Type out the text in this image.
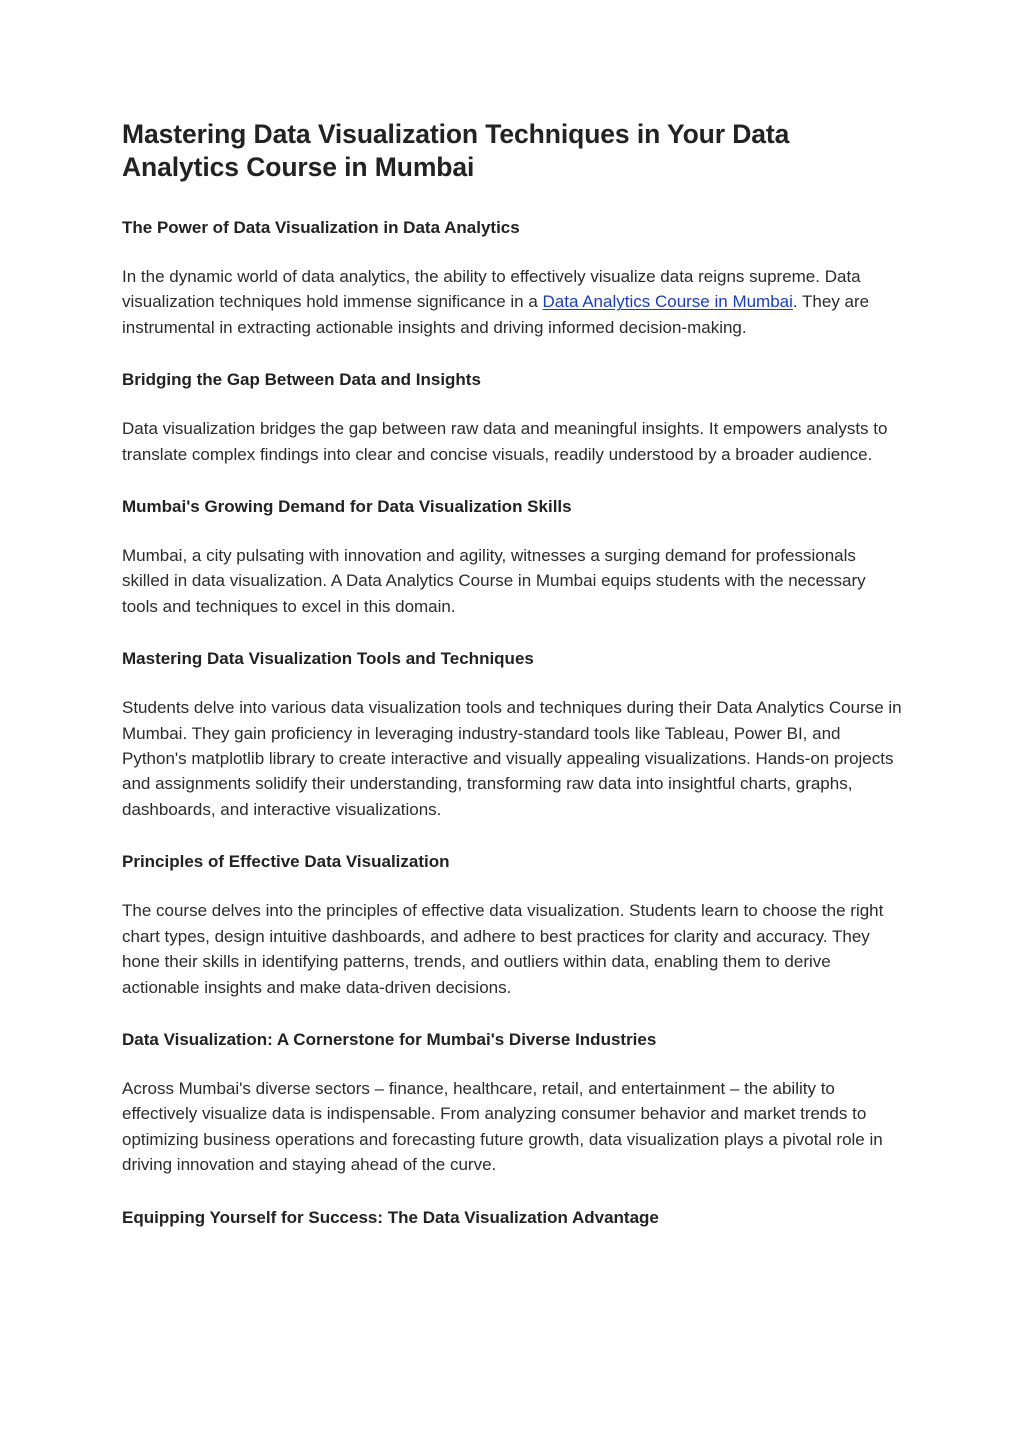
Mastering Data Visualization Techniques in Your Data Analytics Course in Mumbai
The Power of Data Visualization in Data Analytics

In the dynamic world of data analytics, the ability to effectively visualize data reigns supreme. Data visualization techniques hold immense significance in a Data Analytics Course in Mumbai. They are instrumental in extracting actionable insights and driving informed decision-making.

Bridging the Gap Between Data and Insights

Data visualization bridges the gap between raw data and meaningful insights. It empowers analysts to translate complex findings into clear and concise visuals, readily understood by a broader audience.

Mumbai's Growing Demand for Data Visualization Skills

Mumbai, a city pulsating with innovation and agility, witnesses a surging demand for professionals skilled in data visualization. A Data Analytics Course in Mumbai equips students with the necessary tools and techniques to excel in this domain.

Mastering Data Visualization Tools and Techniques

Students delve into various data visualization tools and techniques during their Data Analytics Course in Mumbai. They gain proficiency in leveraging industry-standard tools like Tableau, Power BI, and Python's matplotlib library to create interactive and visually appealing visualizations. Hands-on projects and assignments solidify their understanding, transforming raw data into insightful charts, graphs, dashboards, and interactive visualizations.

Principles of Effective Data Visualization

The course delves into the principles of effective data visualization. Students learn to choose the right chart types, design intuitive dashboards, and adhere to best practices for clarity and accuracy. They hone their skills in identifying patterns, trends, and outliers within data, enabling them to derive actionable insights and make data-driven decisions.

Data Visualization: A Cornerstone for Mumbai's Diverse Industries

Across Mumbai's diverse sectors – finance, healthcare, retail, and entertainment – the ability to effectively visualize data is indispensable. From analyzing consumer behavior and market trends to optimizing business operations and forecasting future growth, data visualization plays a pivotal role in driving innovation and staying ahead of the curve.

Equipping Yourself for Success: The Data Visualization Advantage
